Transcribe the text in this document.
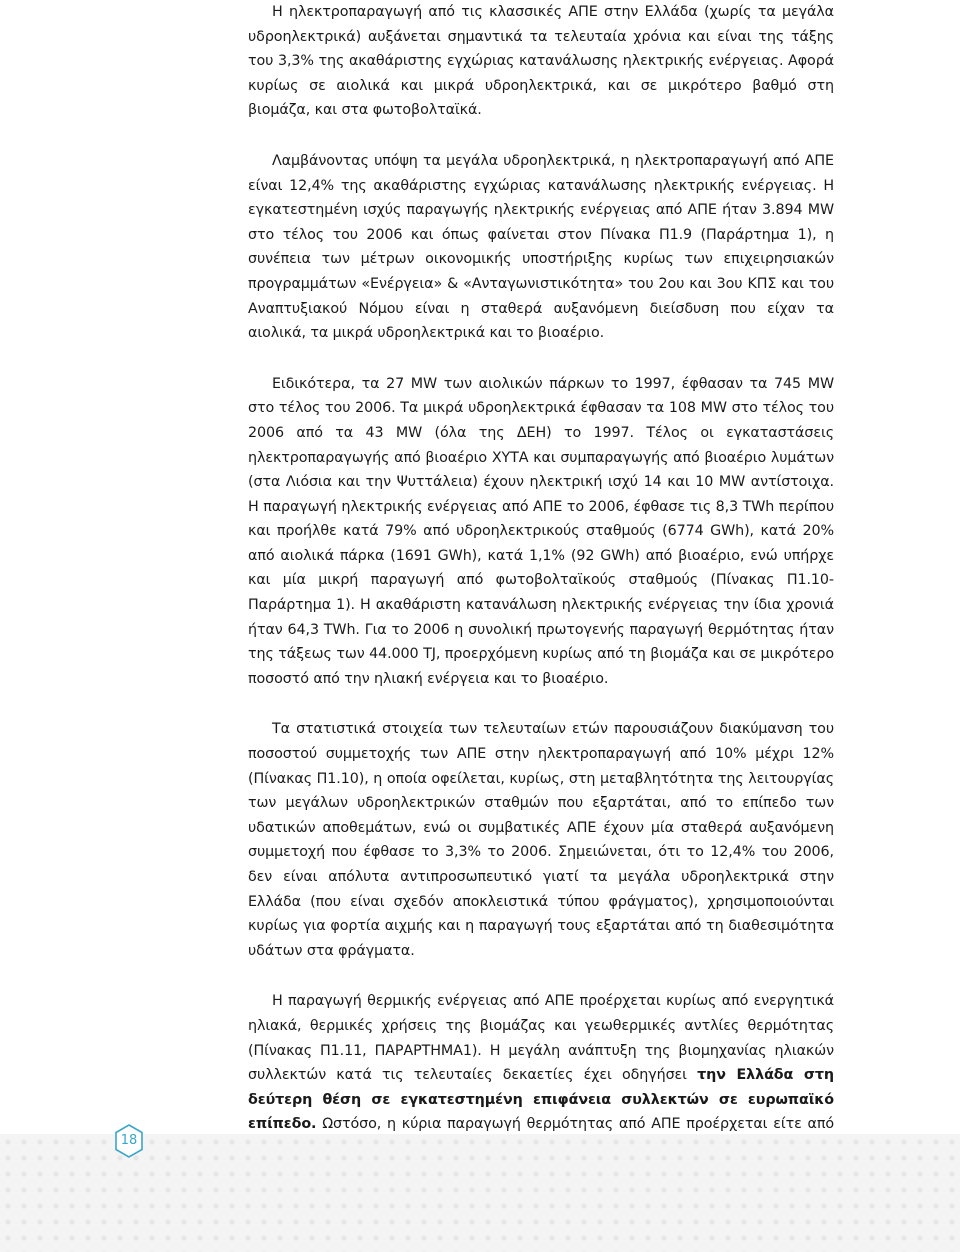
Η ηλεκτροπαραγωγή από τις κλασσικές ΑΠΕ στην Ελλάδα (χωρίς τα μεγάλα υδροηλεκτρικά) αυξάνεται σημαντικά τα τελευταία χρόνια και είναι της τάξης του 3,3% της ακαθάριστης εγχώριας κατανάλωσης ηλεκτρικής ενέργειας. Αφορά κυρίως σε αιολικά και μικρά υδροηλεκτρικά, και σε μικρότερο βαθμό στη βιομάζα, και στα φωτοβολταϊκά.

Λαμβάνοντας υπόψη τα μεγάλα υδροηλεκτρικά, η ηλεκτροπαραγωγή από ΑΠΕ είναι 12,4% της ακαθάριστης εγχώριας κατανάλωσης ηλεκτρικής ενέργειας. Η εγκατεστημένη ισχύς παραγωγής ηλεκτρικής ενέργειας από ΑΠΕ ήταν 3.894 MW στο τέλος του 2006 και όπως φαίνεται στον Πίνακα Π1.9 (Παράρτημα 1), η συνέπεια των μέτρων οικονομικής υποστήριξης κυρίως των επιχειρησιακών προγραμμάτων «Ενέργεια» & «Ανταγωνιστικότητα» του 2ου και 3ου ΚΠΣ και του Αναπτυξιακού Νόμου είναι η σταθερά αυξανόμενη διείσδυση που είχαν τα αιολικά, τα μικρά υδροηλεκτρικά και το βιοαέριο.

Ειδικότερα, τα 27 MW των αιολικών πάρκων το 1997, έφθασαν τα 745 MW στο τέλος του 2006. Τα μικρά υδροηλεκτρικά έφθασαν τα 108 MW στο τέλος του 2006 από τα 43 MW (όλα της ΔΕΗ) το 1997. Τέλος οι εγκαταστάσεις ηλεκτροπαραγωγής από βιοαέριο ΧΥΤΑ και συμπαραγωγής από βιοαέριο λυμάτων (στα Λιόσια και την Ψυττάλεια) έχουν ηλεκτρική ισχύ 14 και 10 MW αντίστοιχα. Η παραγωγή ηλεκτρικής ενέργειας από ΑΠΕ το 2006, έφθασε τις 8,3 TWh περίπου και προήλθε κατά 79% από υδροηλεκτρικούς σταθμούς (6774 GWh), κατά 20% από αιολικά πάρκα (1691 GWh), κατά 1,1% (92 GWh) από βιοαέριο, ενώ υπήρχε και μία μικρή παραγωγή από φωτοβολταϊκούς σταθμούς (Πίνακας Π1.10-Παράρτημα 1). Η ακαθάριστη κατανάλωση ηλεκτρικής ενέργειας την ίδια χρονιά ήταν 64,3 TWh. Για το 2006 η συνολική πρωτογενής παραγωγή θερμότητας ήταν της τάξεως των 44.000 TJ, προερχόμενη κυρίως από τη βιομάζα και σε μικρότερο ποσοστό από την ηλιακή ενέργεια και το βιοαέριο.

Τα στατιστικά στοιχεία των τελευταίων ετών παρουσιάζουν διακύμανση του ποσοστού συμμετοχής των ΑΠΕ στην ηλεκτροπαραγωγή από 10% μέχρι 12% (Πίνακας Π1.10), η οποία οφείλεται, κυρίως, στη μεταβλητότητα της λειτουργίας των μεγάλων υδροηλεκτρικών σταθμών που εξαρτάται, από το επίπεδο των υδατικών αποθεμάτων, ενώ οι συμβατικές ΑΠΕ έχουν μία σταθερά αυξανόμενη συμμετοχή που έφθασε το 3,3% το 2006. Σημειώνεται, ότι το 12,4% του 2006, δεν είναι απόλυτα αντιπροσωπευτικό γιατί τα μεγάλα υδροηλεκτρικά στην Ελλάδα (που είναι σχεδόν αποκλειστικά τύπου φράγματος), χρησιμοποιούνται κυρίως για φορτία αιχμής και η παραγωγή τους εξαρτάται από τη διαθεσιμότητα υδάτων στα φράγματα.

Η παραγωγή θερμικής ενέργειας από ΑΠΕ προέρχεται κυρίως από ενεργητικά ηλιακά, θερμικές χρήσεις της βιομάζας και γεωθερμικές αντλίες θερμότητας (Πίνακας Π1.11, ΠΑΡΑΡΤΗΜΑ1). Η μεγάλη ανάπτυξη της βιομηχανίας ηλιακών συλλεκτών κατά τις τελευταίες δεκαετίες έχει οδηγήσει την Ελλάδα στη δεύτερη θέση σε εγκατεστημένη επιφάνεια συλλεκτών σε ευρωπαϊκό επίπεδο. Ωστόσο, η κύρια παραγωγή θερμότητας από ΑΠΕ προέρχεται είτε από

18
